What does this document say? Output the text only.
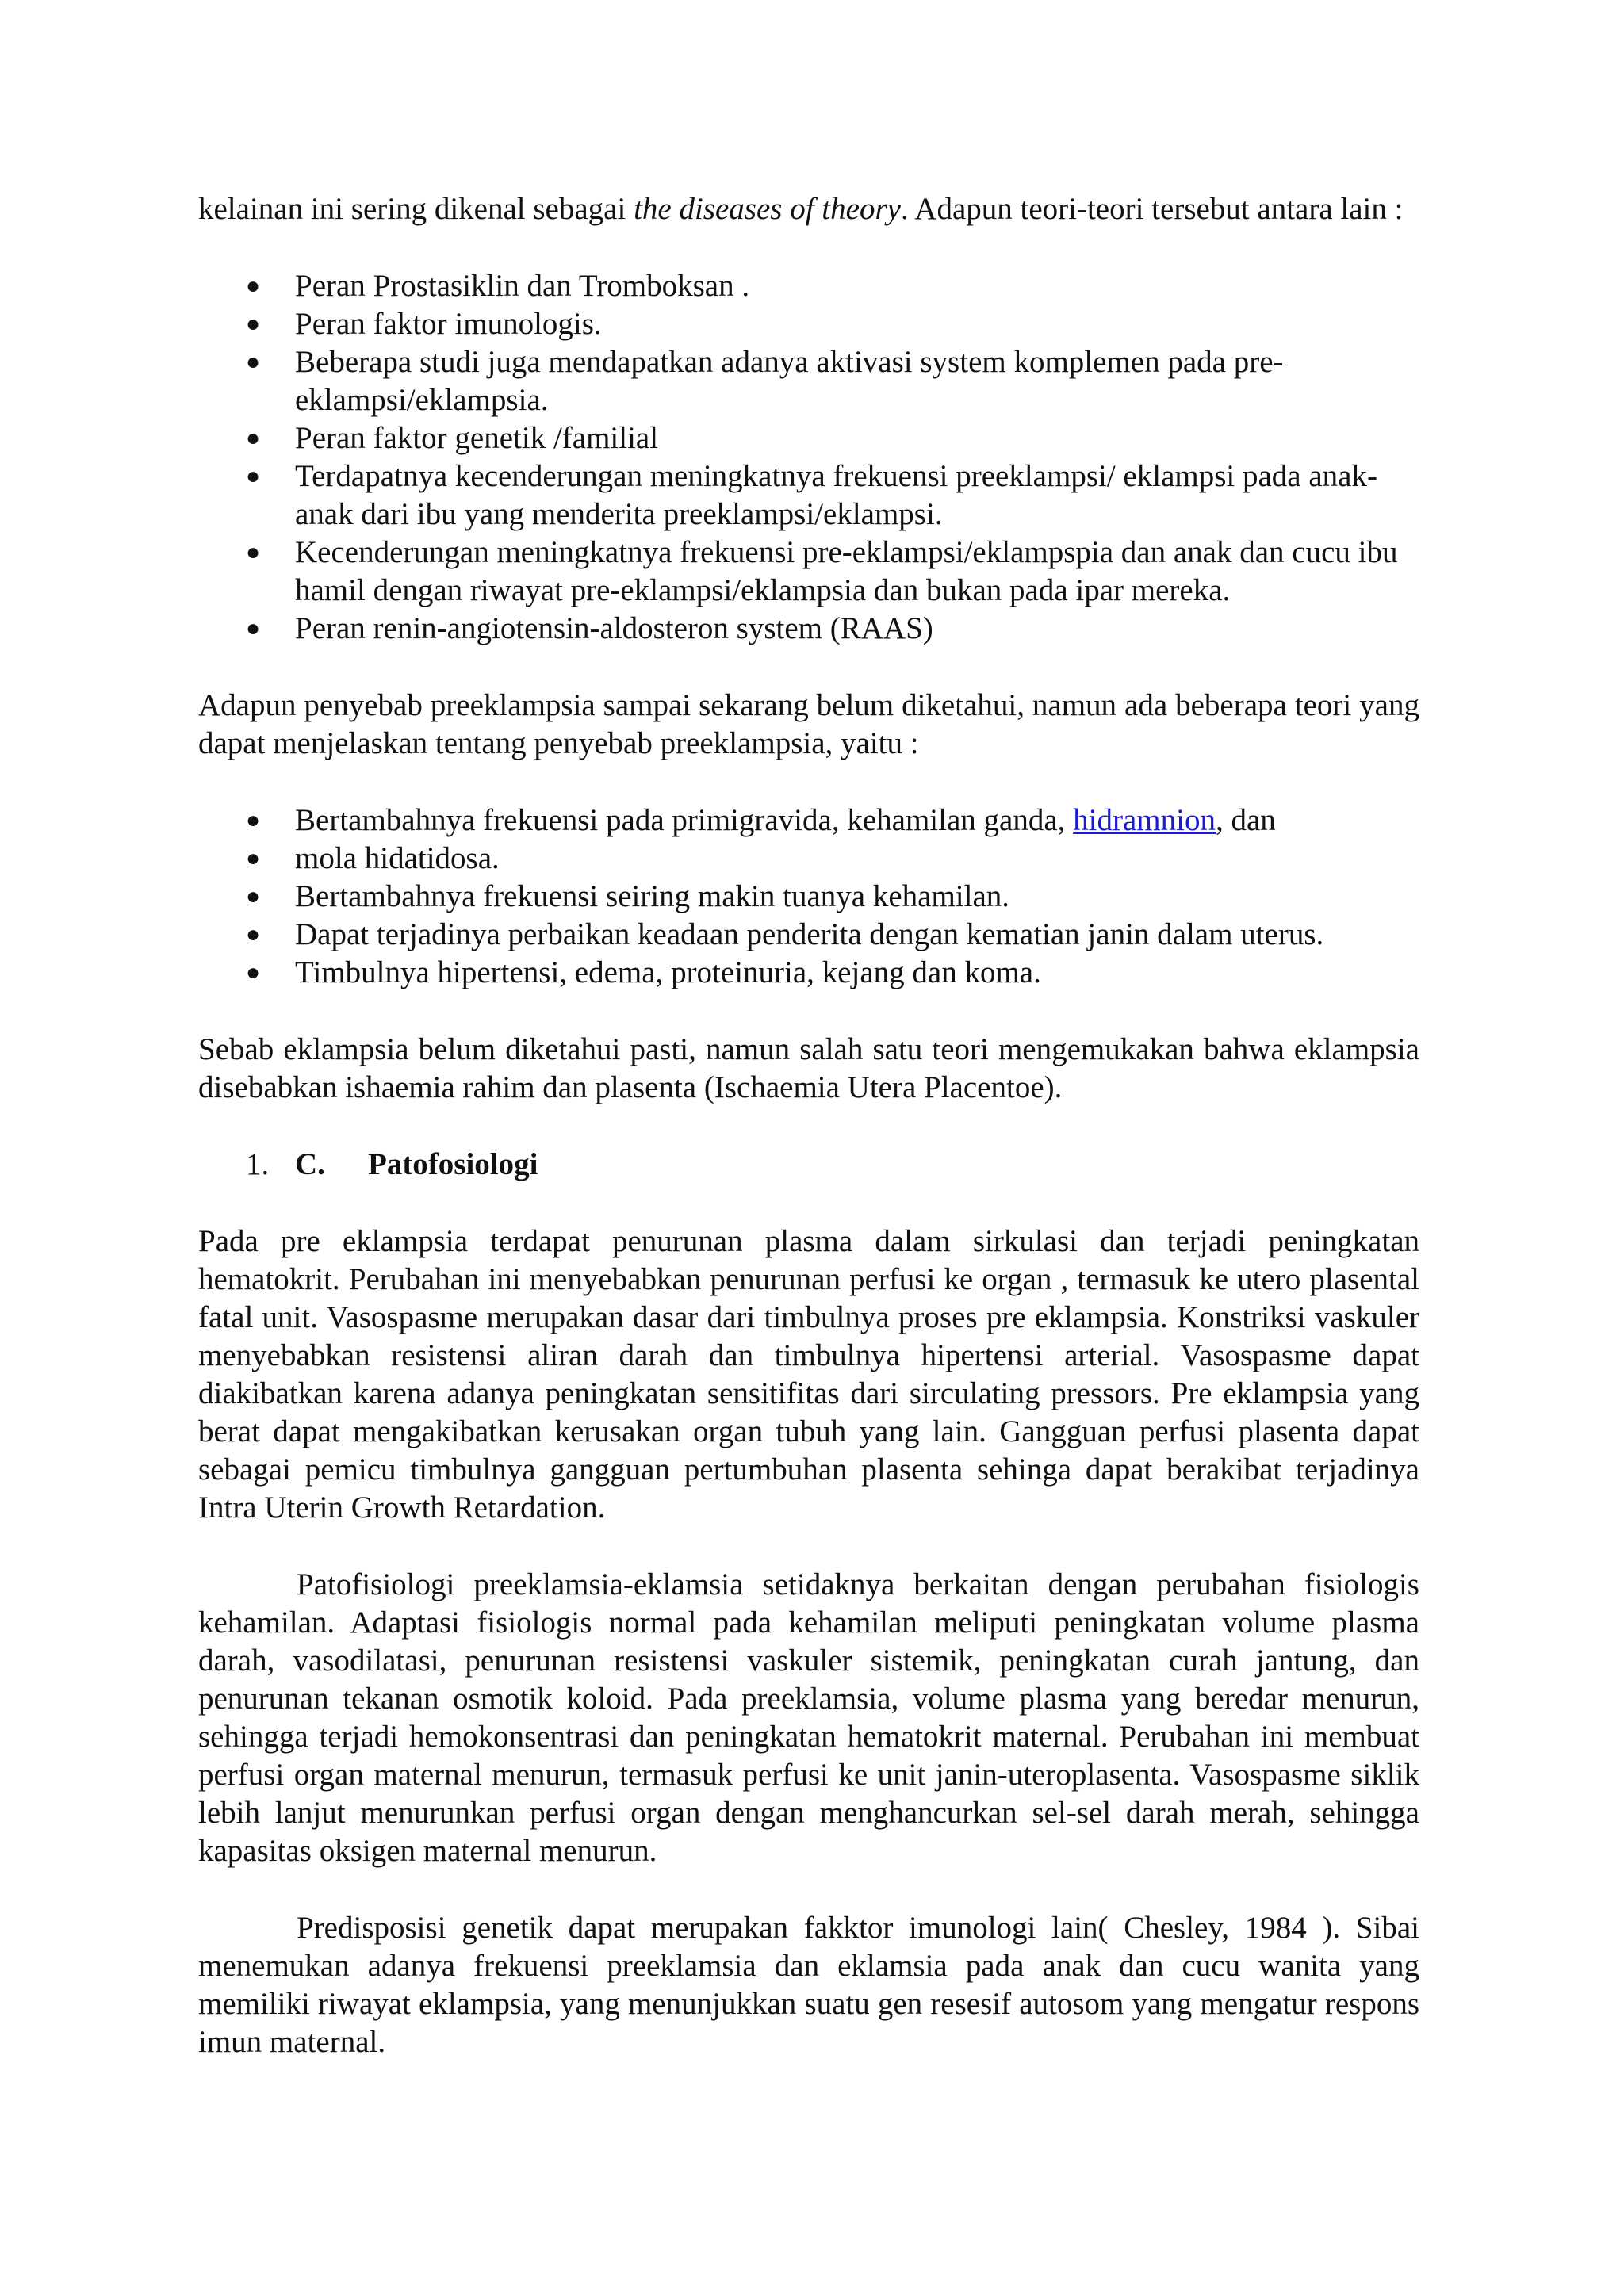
kelainan ini sering dikenal sebagai the diseases of theory. Adapun teori-teori tersebut antara lain :

● Peran Prostasiklin dan Tromboksan .
● Peran faktor imunologis.
● Beberapa studi juga mendapatkan adanya aktivasi system komplemen pada pre-eklampsi/eklampsia.
● Peran faktor genetik /familial
● Terdapatnya kecenderungan meningkatnya frekuensi preeklampsi/ eklampsi pada anak-anak dari ibu yang menderita preeklampsi/eklampsi.
● Kecenderungan meningkatnya frekuensi pre-eklampsi/eklampspia dan anak dan cucu ibu hamil dengan riwayat pre-eklampsi/eklampsia dan bukan pada ipar mereka.
● Peran renin-angiotensin-aldosteron system (RAAS)

Adapun penyebab preeklampsia sampai sekarang belum diketahui, namun ada beberapa teori yang dapat menjelaskan tentang penyebab preeklampsia, yaitu :

● Bertambahnya frekuensi pada primigravida, kehamilan ganda, hidramnion, dan
● mola hidatidosa.
● Bertambahnya frekuensi seiring makin tuanya kehamilan.
● Dapat terjadinya perbaikan keadaan penderita dengan kematian janin dalam uterus.
● Timbulnya hipertensi, edema, proteinuria, kejang dan koma.

Sebab eklampsia belum diketahui pasti, namun salah satu teori mengemukakan bahwa eklampsia disebabkan ishaemia rahim dan plasenta (Ischaemia Utera Placentoe).

1. C. Patofosiologi

Pada pre eklampsia terdapat penurunan plasma dalam sirkulasi dan terjadi peningkatan hematokrit. Perubahan ini menyebabkan penurunan perfusi ke organ , termasuk ke utero plasental fatal unit. Vasospasme merupakan dasar dari timbulnya proses pre eklampsia. Konstriksi vaskuler menyebabkan resistensi aliran darah dan timbulnya hipertensi arterial. Vasospasme dapat diakibatkan karena adanya peningkatan sensitifitas dari sirculating pressors. Pre eklampsia yang berat dapat mengakibatkan kerusakan organ tubuh yang lain. Gangguan perfusi plasenta dapat sebagai pemicu timbulnya gangguan pertumbuhan plasenta sehinga dapat berakibat terjadinya Intra Uterin Growth Retardation.

Patofisiologi preeklamsia-eklamsia setidaknya berkaitan dengan perubahan fisiologis kehamilan. Adaptasi fisiologis normal pada kehamilan meliputi peningkatan volume plasma darah, vasodilatasi, penurunan resistensi vaskuler sistemik, peningkatan curah jantung, dan penurunan tekanan osmotik koloid. Pada preeklamsia, volume plasma yang beredar menurun, sehingga terjadi hemokonsentrasi dan peningkatan hematokrit maternal. Perubahan ini membuat perfusi organ maternal menurun, termasuk perfusi ke unit janin-uteroplasenta. Vasospasme siklik lebih lanjut menurunkan perfusi organ dengan menghancurkan sel-sel darah merah, sehingga kapasitas oksigen maternal menurun.

Predisposisi genetik dapat merupakan fakktor imunologi lain( Chesley, 1984 ). Sibai menemukan adanya frekuensi preeklamsia dan eklamsia pada anak dan cucu wanita yang memiliki riwayat eklampsia, yang menunjukkan suatu gen resesif autosom yang mengatur respons imun maternal.
